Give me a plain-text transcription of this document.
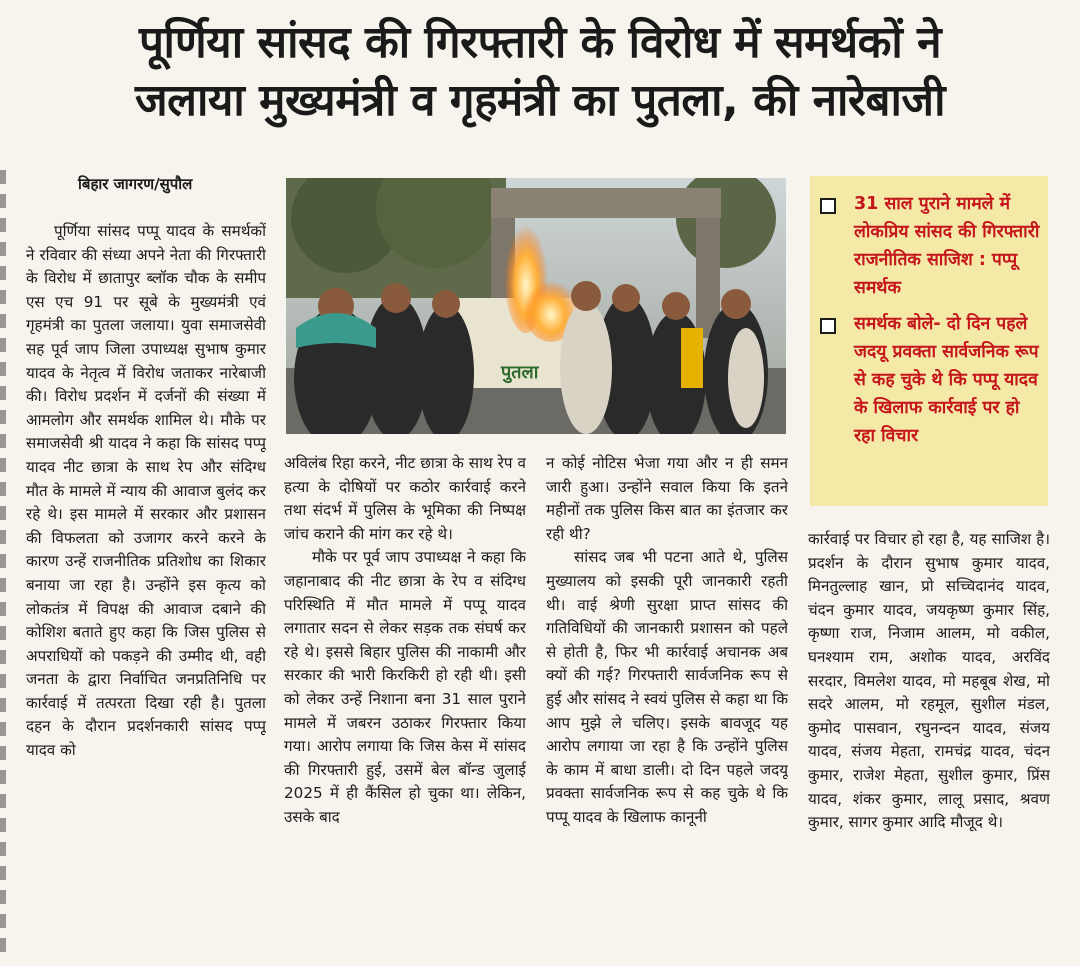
पूर्णिया सांसद की गिरफ्तारी के विरोध में समर्थकों ने
जलाया मुख्यमंत्री व गृहमंत्री का पुतला, की नारेबाजी
बिहार जागरण/सुपौल

पूर्णिया सांसद पप्पू यादव के समर्थकों ने रविवार की संध्या अपने नेता की गिरफ्तारी के विरोध में छातापुर ब्लॉक चौक के समीप एस एच 91 पर सूबे के मुख्यमंत्री एवं गृहमंत्री का पुतला जलाया। युवा समाजसेवी सह पूर्व जाप जिला उपाध्यक्ष सुभाष कुमार यादव के नेतृत्व में विरोध जताकर नारेबाजी की। विरोध प्रदर्शन में दर्जनों की संख्या में आमलोग और समर्थक शामिल थे। मौके पर समाजसेवी श्री यादव ने कहा कि सांसद पप्पू यादव नीट छात्रा के साथ रेप और संदिग्ध मौत के मामले में न्याय की आवाज बुलंद कर रहे थे। इस मामले में सरकार और प्रशासन की विफलता को उजागर करने करने के कारण उन्हें राजनीतिक प्रतिशोध का शिकार बनाया जा रहा है। उन्होंने इस कृत्य को लोकतंत्र में विपक्ष की आवाज दबाने की कोशिश बताते हुए कहा कि जिस पुलिस से अपराधियों को पकड़ने की उम्मीद थी, वही जनता के द्वारा निर्वाचित जनप्रतिनिधि पर कार्रवाई में तत्परता दिखा रही है। पुतला दहन के दौरान प्रदर्शनकारी सांसद पप्पू यादव को

पुतला
31 साल पुराने मामले में लोकप्रिय सांसद की गिरफ्तारी राजनीतिक साजिश : पप्पू समर्थक
समर्थक बोले- दो दिन पहले जदयू प्रवक्ता सार्वजनिक रूप से कह चुके थे कि पप्पू यादव के खिलाफ कार्रवाई पर हो रहा विचार

अविलंब रिहा करने, नीट छात्रा के साथ रेप व हत्या के दोषियों पर कठोर कार्रवाई करने तथा संदर्भ में पुलिस के भूमिका की निष्पक्ष जांच कराने की मांग कर रहे थे।

मौके पर पूर्व जाप उपाध्यक्ष ने कहा कि जहानाबाद की नीट छात्रा के रेप व संदिग्ध परिस्थिति में मौत मामले में पप्पू यादव लगातार सदन से लेकर सड़क तक संघर्ष कर रहे थे। इससे बिहार पुलिस की नाकामी और सरकार की भारी किरकिरी हो रही थी। इसी को लेकर उन्हें निशाना बना 31 साल पुराने मामले में जबरन उठाकर गिरफ्तार किया गया। आरोप लगाया कि जिस केस में सांसद की गिरफ्तारी हुई, उसमें बेल बॉन्ड जुलाई 2025 में ही कैंसिल हो चुका था। लेकिन, उसके बाद

न कोई नोटिस भेजा गया और न ही समन जारी हुआ। उन्होंने सवाल किया कि इतने महीनों तक पुलिस किस बात का इंतजार कर रही थी?

सांसद जब भी पटना आते थे, पुलिस मुख्यालय को इसकी पूरी जानकारी रहती थी। वाई श्रेणी सुरक्षा प्राप्त सांसद की गतिविधियों की जानकारी प्रशासन को पहले से होती है, फिर भी कार्रवाई अचानक अब क्यों की गई? गिरफ्तारी सार्वजनिक रूप से हुई और सांसद ने स्वयं पुलिस से कहा था कि आप मुझे ले चलिए। इसके बावजूद यह आरोप लगाया जा रहा है कि उन्होंने पुलिस के काम में बाधा डाली। दो दिन पहले जदयू प्रवक्ता सार्वजनिक रूप से कह चुके थे कि पप्पू यादव के खिलाफ कानूनी

कार्रवाई पर विचार हो रहा है, यह साजिश है। प्रदर्शन के दौरान सुभाष कुमार यादव, मिनतुल्लाह खान, प्रो सच्चिदानंद यादव, चंदन कुमार यादव, जयकृष्ण कुमार सिंह, कृष्णा राज, निजाम आलम, मो वकील, घनश्याम राम, अशोक यादव, अरविंद सरदार, विमलेश यादव, मो महबूब शेख, मो सदरे आलम, मो रहमूल, सुशील मंडल, कुमोद पासवान, रघुनन्दन यादव, संजय यादव, संजय मेहता, रामचंद्र यादव, चंदन कुमार, राजेश मेहता, सुशील कुमार, प्रिंस यादव, शंकर कुमार, लालू प्रसाद, श्रवण कुमार, सागर कुमार आदि मौजूद थे।
